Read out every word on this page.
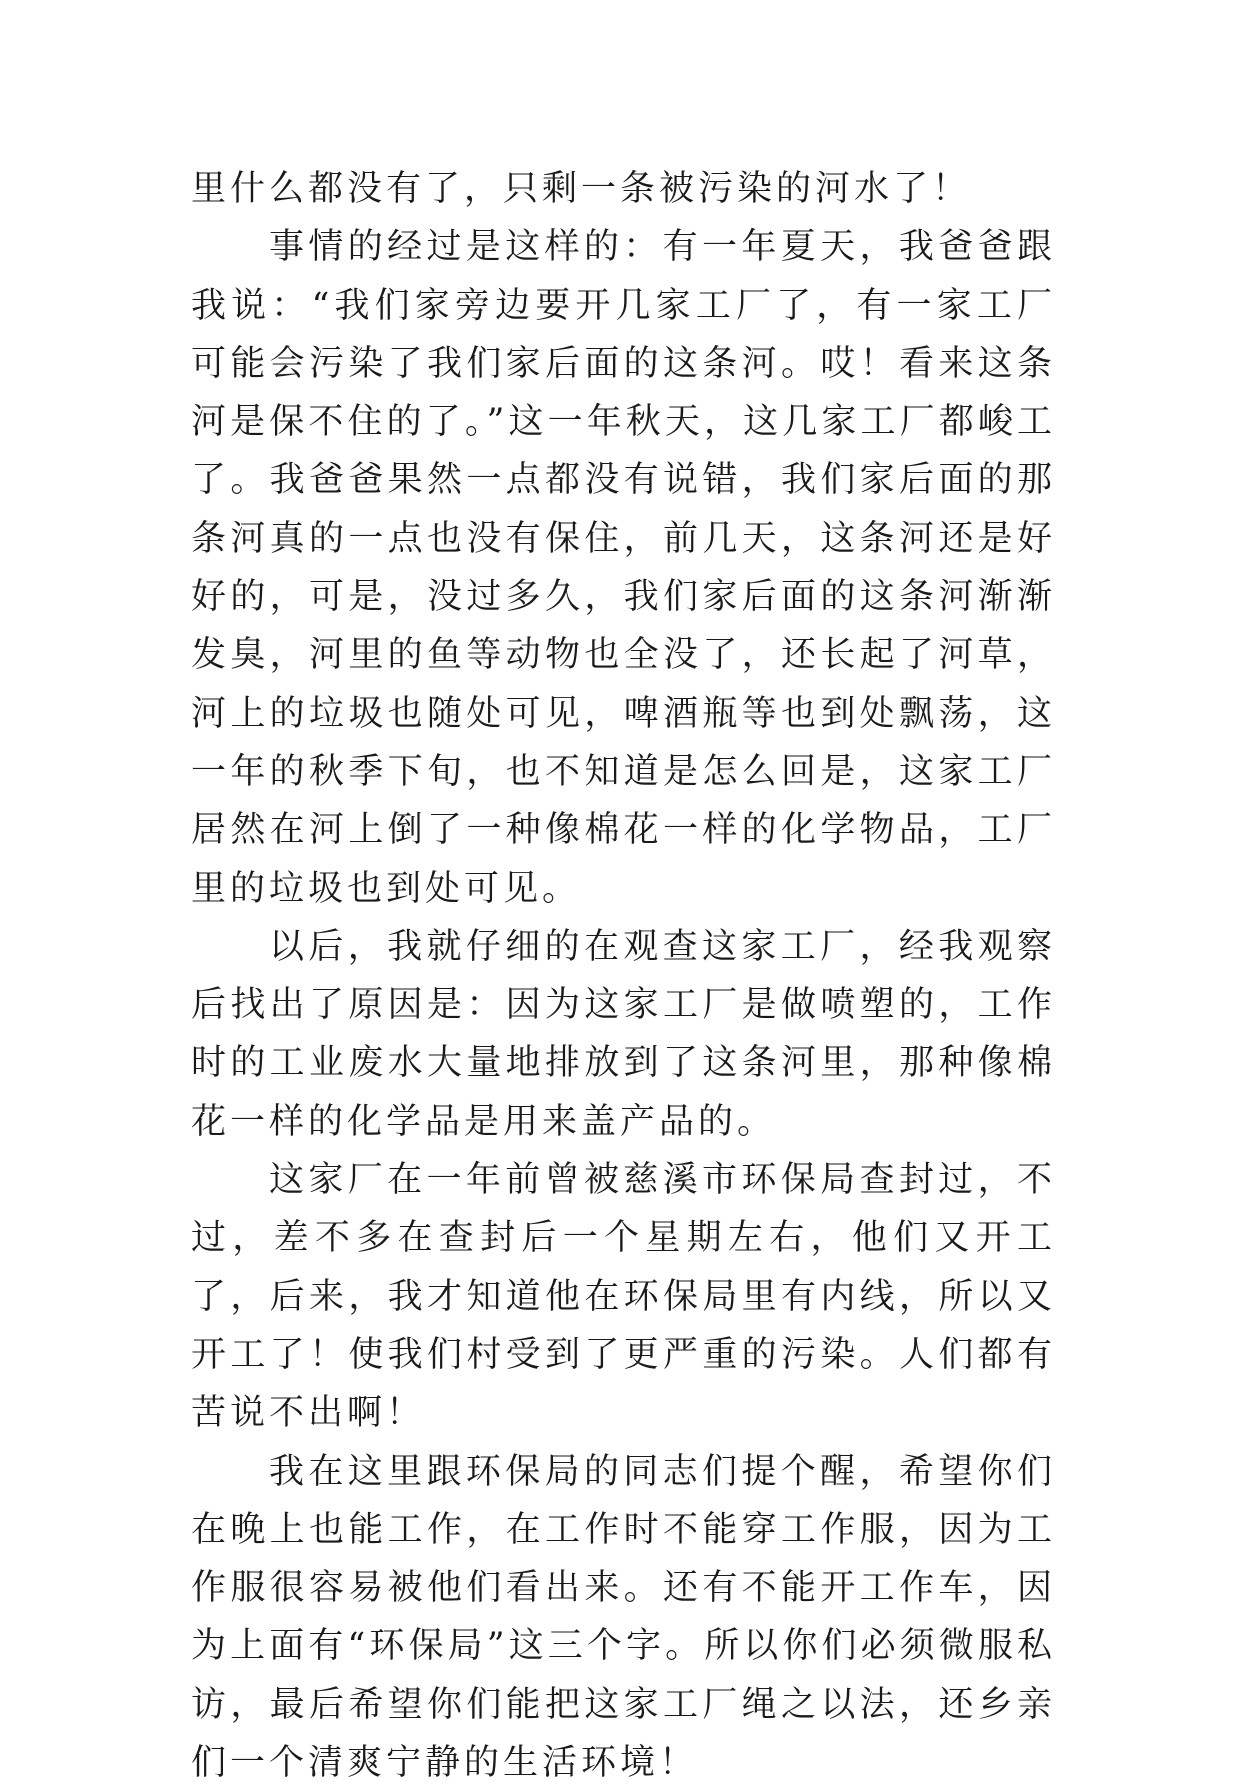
里什么都没有了，只剩一条被污染的河水了！

事情的经过是这样的：有一年夏天，我爸爸跟我说：“我们家旁边要开几家工厂了，有一家工厂可能会污染了我们家后面的这条河。哎！看来这条河是保不住的了。”这一年秋天，这几家工厂都峻工了。我爸爸果然一点都没有说错，我们家后面的那条河真的一点也没有保住，前几天，这条河还是好好的，可是，没过多久，我们家后面的这条河渐渐发臭，河里的鱼等动物也全没了，还长起了河草，河上的垃圾也随处可见，啤酒瓶等也到处飘荡，这一年的秋季下旬，也不知道是怎么回是，这家工厂居然在河上倒了一种像棉花一样的化学物品，工厂里的垃圾也到处可见。

以后，我就仔细的在观查这家工厂，经我观察后找出了原因是：因为这家工厂是做喷塑的，工作时的工业废水大量地排放到了这条河里，那种像棉花一样的化学品是用来盖产品的。

这家厂在一年前曾被慈溪市环保局查封过，不过，差不多在查封后一个星期左右，他们又开工了，后来，我才知道他在环保局里有内线，所以又开工了！使我们村受到了更严重的污染。人们都有苦说不出啊！

我在这里跟环保局的同志们提个醒，希望你们在晚上也能工作，在工作时不能穿工作服，因为工作服很容易被他们看出来。还有不能开工作车，因为上面有“环保局”这三个字。所以你们必须微服私访，最后希望你们能把这家工厂绳之以法，还乡亲们一个清爽宁静的生活环境！
